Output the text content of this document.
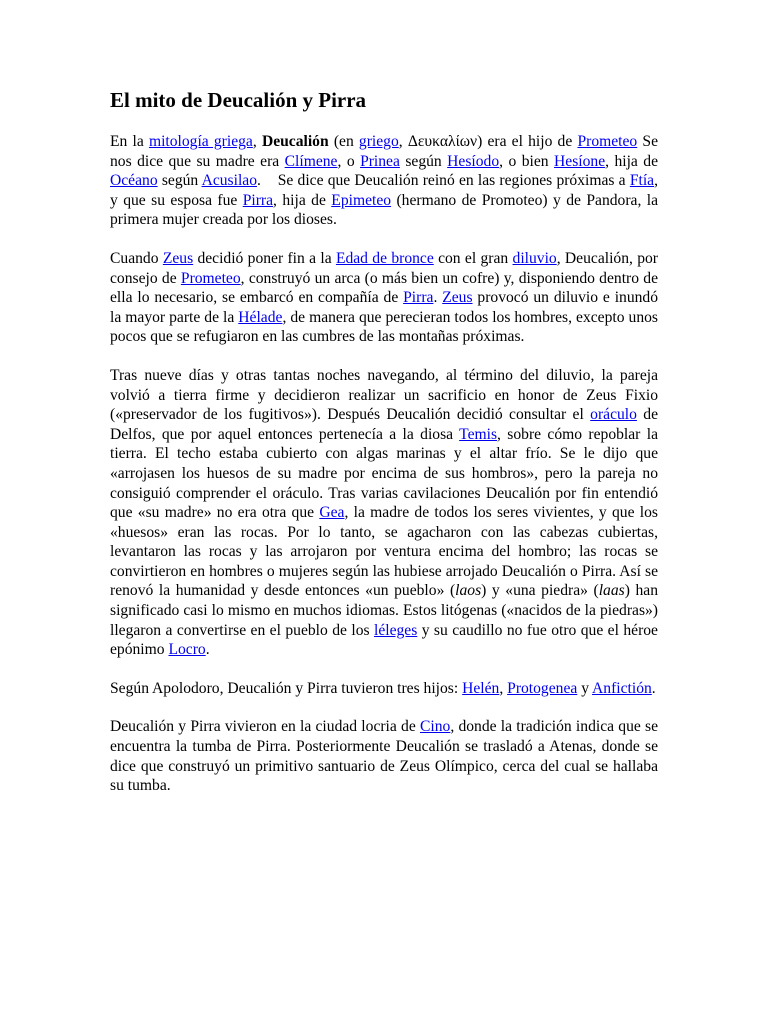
El mito de Deucalión y Pirra

En la mitología griega, Deucalión (en griego, Δευκαλίων) era el hijo de Prometeo Se nos dice que su madre era Clímene, o Prinea según Hesíodo, o bien Hesíone, hija de Océano según Acusilao.    Se dice que Deucalión reinó en las regiones próximas a Ftía, y que su esposa fue Pirra, hija de Epimeteo (hermano de Promoteo) y de Pandora, la primera mujer creada por los dioses.

Cuando Zeus decidió poner fin a la Edad de bronce con el gran diluvio, Deucalión, por consejo de Prometeo, construyó un arca (o más bien un cofre) y, disponiendo dentro de ella lo necesario, se embarcó en compañía de Pirra. Zeus provocó un diluvio e inundó la mayor parte de la Hélade, de manera que perecieran todos los hombres, excepto unos pocos que se refugiaron en las cumbres de las montañas próximas.

Tras nueve días y otras tantas noches navegando, al término del diluvio, la pareja volvió a tierra firme y decidieron realizar un sacrificio en honor de Zeus Fixio («preservador de los fugitivos»). Después Deucalión decidió consultar el oráculo de Delfos, que por aquel entonces pertenecía a la diosa Temis, sobre cómo repoblar la tierra. El techo estaba cubierto con algas marinas y el altar frío. Se le dijo que «arrojasen los huesos de su madre por encima de sus hombros», pero la pareja no consiguió comprender el oráculo. Tras varias cavilaciones Deucalión por fin entendió que «su madre» no era otra que Gea, la madre de todos los seres vivientes, y que los «huesos» eran las rocas. Por lo tanto, se agacharon con las cabezas cubiertas, levantaron las rocas y las arrojaron por ventura encima del hombro; las rocas se convirtieron en hombres o mujeres según las hubiese arrojado Deucalión o Pirra. Así se renovó la humanidad y desde entonces «un pueblo» (laos) y «una piedra» (laas) han significado casi lo mismo en muchos idiomas. Estos litógenas («nacidos de la piedras») llegaron a convertirse en el pueblo de los léleges y su caudillo no fue otro que el héroe epónimo Locro.

Según Apolodoro, Deucalión y Pirra tuvieron tres hijos: Helén, Protogenea y Anfictión.

Deucalión y Pirra vivieron en la ciudad locria de Cino, donde la tradición indica que se encuentra la tumba de Pirra. Posteriormente Deucalión se trasladó a Atenas, donde se dice que construyó un primitivo santuario de Zeus Olímpico, cerca del cual se hallaba su tumba.
